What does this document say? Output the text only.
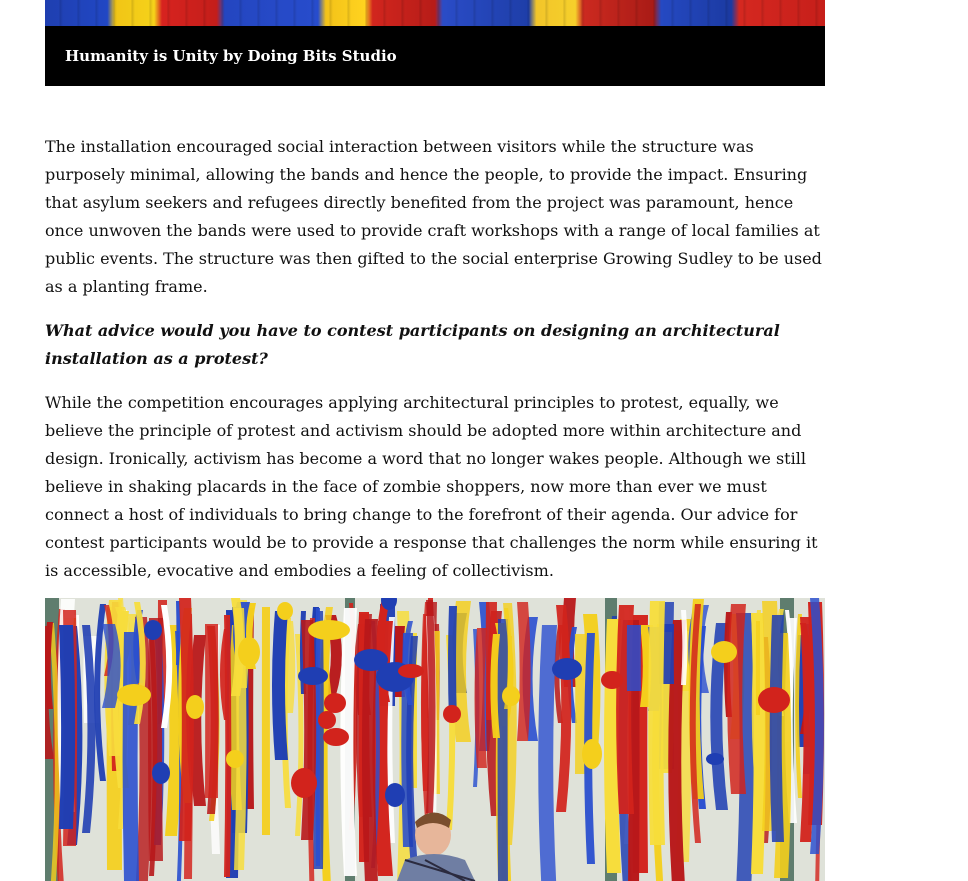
Humanity is Unity by Doing Bits Studio

The installation encouraged social interaction between visitors while the structure was purposely minimal, allowing the bands and hence the people, to provide the impact. Ensuring that asylum seekers and refugees directly benefited from the project was paramount, hence once unwoven the bands were used to provide craft workshops with a range of local families at public events. The structure was then gifted to the social enterprise Growing Sudley to be used as a planting frame.

What advice would you have to contest participants on designing an architectural installation as a protest?

While the competition encourages applying architectural principles to protest, equally, we believe the principle of protest and activism should be adopted more within architecture and design. Ironically, activism has become a word that no longer wakes people. Although we still believe in shaking placards in the face of zombie shoppers, now more than ever we must connect a host of individuals to bring change to the forefront of their agenda. Our advice for contest participants would be to provide a response that challenges the norm while ensuring it is accessible, evocative and embodies a feeling of collectivism.
